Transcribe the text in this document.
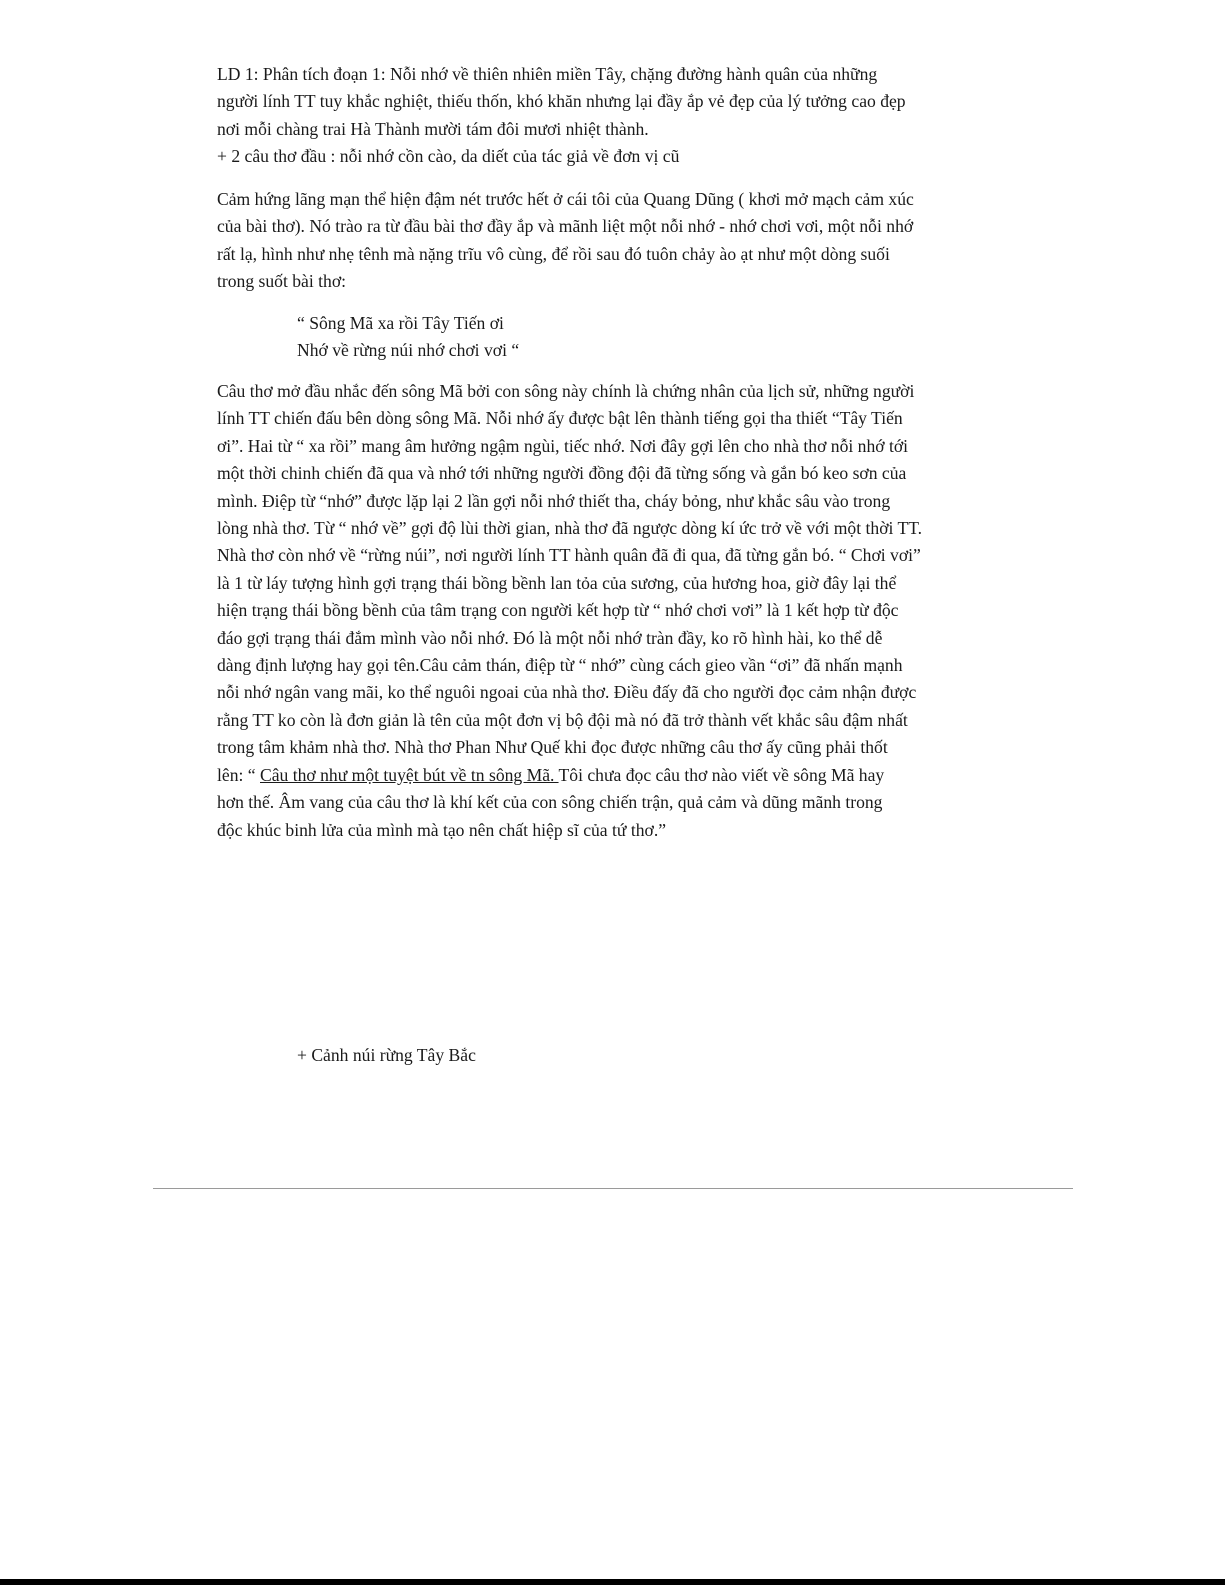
LD 1: Phân tích đoạn 1: Nỗi nhớ về thiên nhiên miền Tây, chặng đường hành quân của những
người lính TT tuy khắc nghiệt, thiếu thốn, khó khăn nhưng lại đầy ắp vẻ đẹp của lý tưởng cao đẹp
nơi mỗi chàng trai Hà Thành mười tám đôi mươi nhiệt thành.
+ 2 câu thơ đầu : nỗi nhớ cồn cào, da diết của tác giả về đơn vị cũ
Cảm hứng lãng mạn thể hiện đậm nét trước hết ở cái tôi của Quang Dũng ( khơi mở mạch cảm xúc
của bài thơ). Nó trào ra từ đầu bài thơ đầy ắp và mãnh liệt một nỗi nhớ - nhớ chơi vơi, một nỗi nhớ
rất lạ, hình như nhẹ tênh mà nặng trĩu vô cùng, để rồi sau đó tuôn chảy ào ạt như một dòng suối
trong suốt bài thơ:
“ Sông Mã xa rồi Tây Tiến ơi
Nhớ về rừng núi nhớ chơi vơi “
Câu thơ mở đầu nhắc đến sông Mã bởi con sông này chính là chứng nhân của lịch sử, những người
lính TT chiến đấu bên dòng sông Mã. Nỗi nhớ ấy được bật lên thành tiếng gọi tha thiết “Tây Tiến
ơi”. Hai từ “ xa rồi” mang âm hưởng ngậm ngùi, tiếc nhớ. Nơi đây gợi lên cho nhà thơ nỗi nhớ tới
một thời chinh chiến đã qua và nhớ tới những người đồng đội đã từng sống và gắn bó keo sơn của
mình. Điệp từ “nhớ” được lặp lại 2 lần gợi nỗi nhớ thiết tha, cháy bỏng, như khắc sâu vào trong
lòng nhà thơ. Từ “ nhớ về” gợi độ lùi thời gian, nhà thơ đã ngược dòng kí ức trở về với một thời TT.
Nhà thơ còn nhớ về “rừng núi”, nơi người lính TT hành quân đã đi qua, đã từng gắn bó. “ Chơi vơi”
là 1 từ láy tượng hình gợi trạng thái bồng bềnh lan tỏa của sương, của hương hoa, giờ đây lại thể
hiện trạng thái bồng bềnh của tâm trạng con người kết hợp từ “ nhớ chơi vơi” là 1 kết hợp từ độc
đáo gợi trạng thái đắm mình vào nỗi nhớ. Đó là một nỗi nhớ tràn đầy, ko rõ hình hài, ko thể dễ
dàng định lượng hay gọi tên.Câu cảm thán, điệp từ “ nhớ” cùng cách gieo vần “ơi” đã nhấn mạnh
nỗi nhớ ngân vang mãi, ko thể nguôi ngoai của nhà thơ. Điều đấy đã cho người đọc cảm nhận được
rằng TT ko còn là đơn giản là tên của một đơn vị bộ đội mà nó đã trở thành vết khắc sâu đậm nhất
trong tâm khảm nhà thơ. Nhà thơ Phan Như Quế khi đọc được những câu thơ ấy cũng phải thốt
lên: “ Câu thơ như một tuyệt bút về tn sông Mã. Tôi chưa đọc câu thơ nào viết về sông Mã hay
hơn thế. Âm vang của câu thơ là khí kết của con sông chiến trận, quả cảm và dũng mãnh trong
độc khúc binh lửa của mình mà tạo nên chất hiệp sĩ của tứ thơ.”
+ Cảnh núi rừng Tây Bắc
